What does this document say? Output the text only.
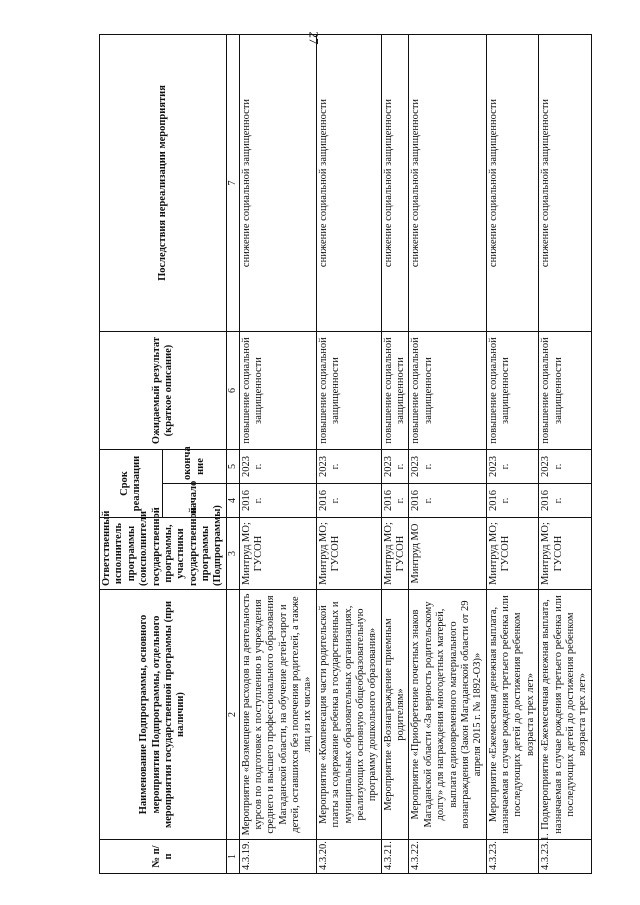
27
№ п/п	Наименование Подпрограммы, основного мероприятия Подпрограммы, отдельного мероприятия государственной программы (при наличии)	Ответственный исполнитель программы (соисполнители государственной программы, участники государственной программы (Подпрограммы)	Срок реализации		Ожидаемый результат (краткое описание)	Последствия нереализации мероприятия
			начало	оконча ние		
1	2	3	4	5	6	7
4.3.19.	Мероприятие «Возмещение расходов на деятельность курсов по подготовке к поступлению в учреждения среднего и высшего профессионального образования Магаданской области, на обучение детей-сирот и детей, оставшихся без попечения родителей, а также лиц из их числа»	Минтруд МО; ГУСОН	2016 г.	2023 г.	повышение социальной защищенности	снижение социальной защищенности
4.3.20.	Мероприятие «Компенсация части родительской платы за содержание ребенка в государственных и муниципальных образовательных организациях, реализующих основную общеобразовательную программу дошкольного образования»	Минтруд МО; ГУСОН	2016 г.	2023 г.	повышение социальной защищенности	снижение социальной защищенности
4.3.21.	Мероприятие «Вознаграждение приемным родителям»	Минтруд МО; ГУСОН	2016 г.	2023 г.	повышение социальной защищенности	снижение социальной защищенности
4.3.22.	Мероприятие «Приобретение почетных знаков Магаданской области «За верность родительскому долгу» для награждения многодетных матерей, выплата единовременного материального вознаграждения (Закон Магаданской области от 29 апреля 2015 г. № 1892-ОЗ)»	Минтруд МО	2016 г.	2023 г.	повышение социальной защищенности	снижение социальной защищенности
4.3.23.	Мероприятие «Ежемесячная денежная выплата, назначаемая в случае рождения третьего ребенка или последующих детей до достижения ребенком возраста трех лет»	Минтруд МО; ГУСОН	2016 г.	2023 г.	повышение социальной защищенности	снижение социальной защищенности
4.3.23.1.	Подмероприятие «Ежемесячная денежная выплата, назначаемая в случае рождения третьего ребенка или последующих детей до достижения ребенком возраста трех лет»	Минтруд МО; ГУСОН	2016 г.	2023 г.	повышение социальной защищенности	снижение социальной защищенности
